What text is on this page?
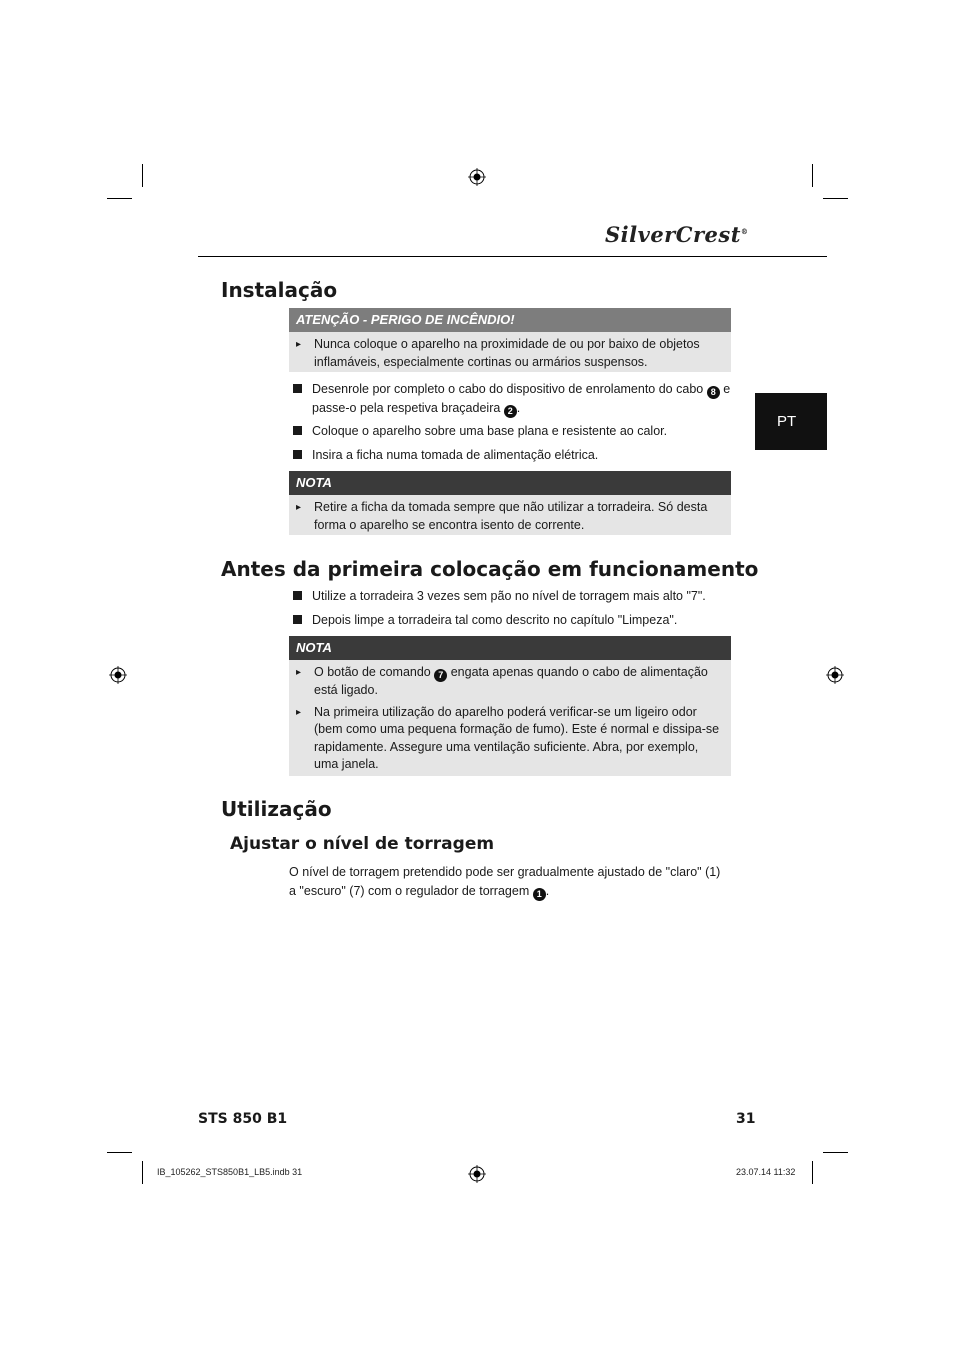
SilverCrest®
PT
Instalação
ATENÇÃO - PERIGO DE INCÊNDIO!
▸ Nunca coloque o aparelho na proximidade de ou por baixo de objetos inflamáveis, especialmente cortinas ou armários suspensos.
Desenrole por completo o cabo do dispositivo de enrolamento do cabo 8 e passe-o pela respetiva braçadeira 2 .
Coloque o aparelho sobre uma base plana e resistente ao calor.
Insira a ficha numa tomada de alimentação elétrica.
NOTA
▸ Retire a ficha da tomada sempre que não utilizar a torradeira. Só desta forma o aparelho se encontra isento de corrente.
Antes da primeira colocação em funcionamento
Utilize a torradeira 3 vezes sem pão no nível de torragem mais alto "7".
Depois limpe a torradeira tal como descrito no capítulo "Limpeza".
NOTA
▸ O botão de comando 7 engata apenas quando o cabo de alimentação está ligado.
▸ Na primeira utilização do aparelho poderá verificar-se um ligeiro odor (bem como uma pequena formação de fumo). Este é normal e dissipa-se rapidamente. Assegure uma ventilação suficiente. Abra, por exemplo, uma janela.
Utilização
Ajustar o nível de torragem
O nível de torragem pretendido pode ser gradualmente ajustado de "claro" (1) a "escuro" (7) com o regulador de torragem 1 .
STS 850 B1	31
IB_105262_STS850B1_LB5.indb 31	23.07.14 11:32
